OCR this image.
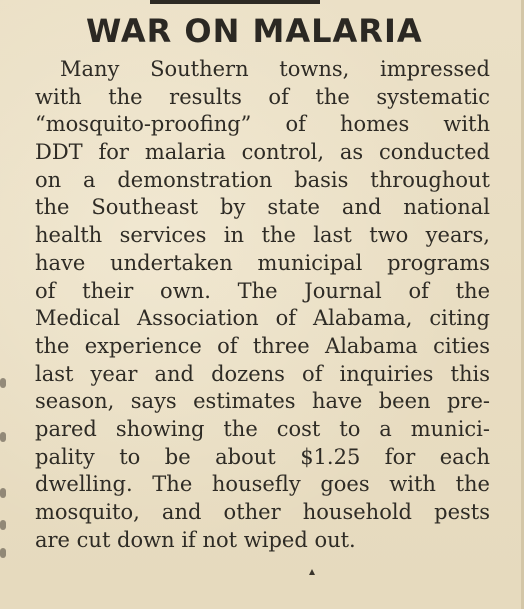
WAR ON MALARIA
Many Southern towns, impressed
with the results of the systematic
“mosquito-proofing” of homes with
DDT for malaria control, as conducted
on a demonstration basis throughout
the Southeast by state and national
health services in the last two years,
have undertaken municipal programs
of their own. The Journal of the
Medical Association of Alabama, citing
the experience of three Alabama cities
last year and dozens of inquiries this
season, says estimates have been pre-
pared showing the cost to a munici-
pality to be about $1.25 for each
dwelling. The housefly goes with the
mosquito, and other household pests
are cut down if not wiped out.
